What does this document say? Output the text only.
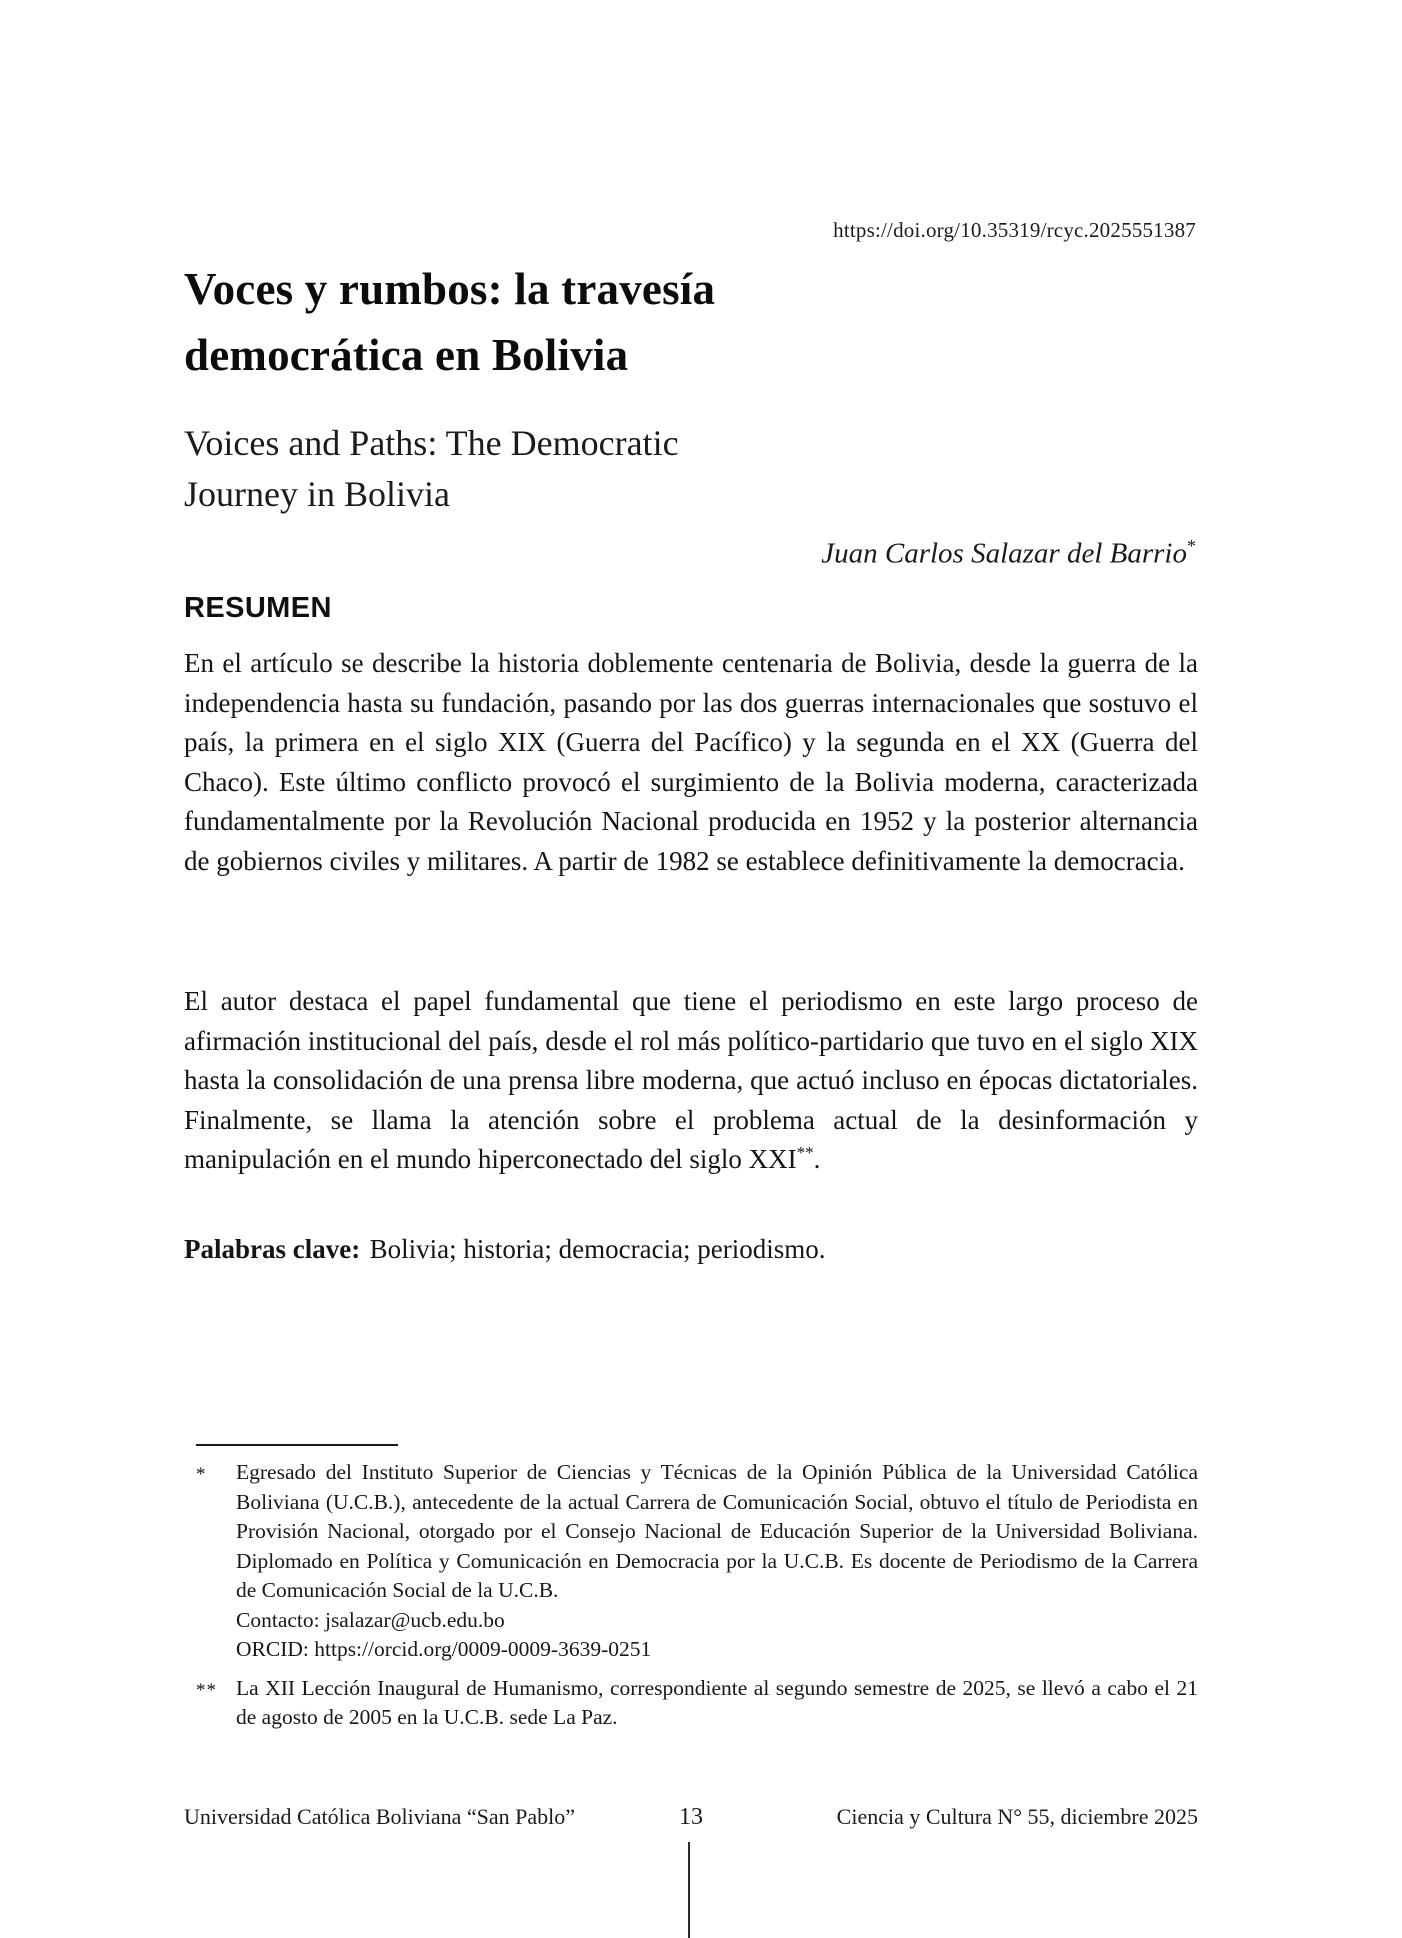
https://doi.org/10.35319/rcyc.2025551387
Voces y rumbos: la travesía
democrática en Bolivia
Voices and Paths: The Democratic
Journey in Bolivia
Juan Carlos Salazar del Barrio*
RESUMEN

En el artículo se describe la historia doblemente centenaria de Bolivia, desde la guerra de la independencia hasta su fundación, pasando por las dos guerras internacionales que sostuvo el país, la primera en el siglo XIX (Guerra del Pacífico) y la segunda en el XX (Guerra del Chaco). Este último conflicto provocó el surgimiento de la Bolivia moderna, caracterizada fundamentalmente por la Revolución Nacional producida en 1952 y la posterior alternancia de gobiernos civiles y militares. A partir de 1982 se establece definitivamente la democracia.

El autor destaca el papel fundamental que tiene el periodismo en este largo proceso de afirmación institucional del país, desde el rol más político-partidario que tuvo en el siglo XIX hasta la consolidación de una prensa libre moderna, que actuó incluso en épocas dictatoriales. Finalmente, se llama la atención sobre el problema actual de la desinformación y manipulación en el mundo hiperconectado del siglo XXI**.

Palabras clave: Bolivia; historia; democracia; periodismo.
*	Egresado del Instituto Superior de Ciencias y Técnicas de la Opinión Pública de la Universidad Católica Boliviana (U.C.B.), antecedente de la actual Carrera de Comunicación Social, obtuvo el título de Periodista en Provisión Nacional, otorgado por el Consejo Nacional de Educación Superior de la Universidad Boliviana. Diplomado en Política y Comunicación en Democracia por la U.C.B. Es docente de Periodismo de la Carrera de Comunicación Social de la U.C.B.
Contacto: jsalazar@ucb.edu.bo
ORCID: https://orcid.org/0009-0009-3639-0251
** La XII Lección Inaugural de Humanismo, correspondiente al segundo semestre de 2025, se llevó a cabo el 21 de agosto de 2005 en la U.C.B. sede La Paz.
Universidad Católica Boliviana “San Pablo”	13	Ciencia y Cultura N° 55, diciembre 2025
